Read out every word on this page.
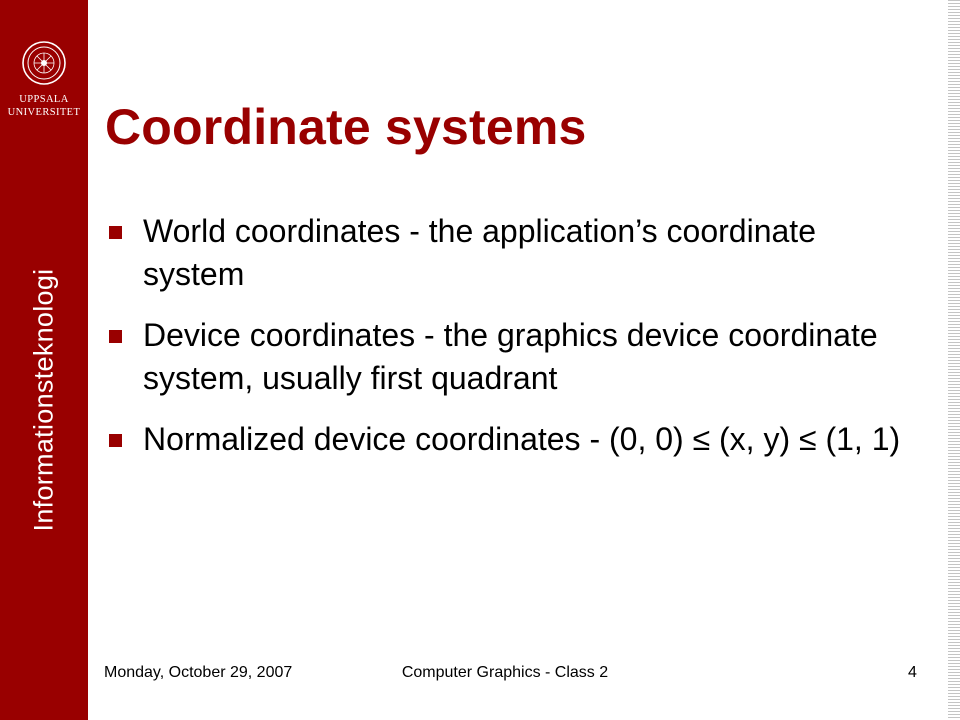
UPPSALA
UNIVERSITET
Informationsteknologi
Coordinate systems
World coordinates - the application’s coordinate system
Device coordinates - the graphics device coordinate system, usually first quadrant
Normalized device coordinates - (0, 0) ≤ (x, y) ≤ (1, 1)
Monday, October 29, 2007	Computer Graphics - Class 2	4
